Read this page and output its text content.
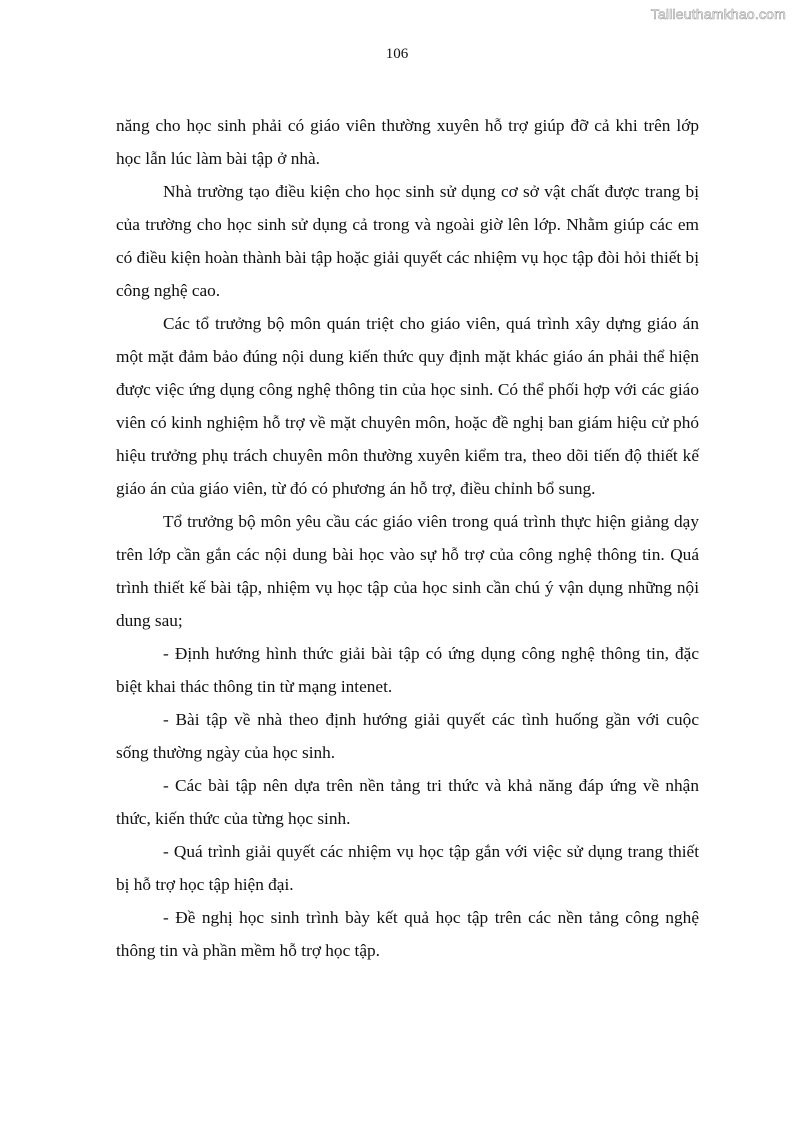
Tailieuthamkhao.com
106

năng cho học sinh phải có giáo viên thường xuyên hỗ trợ giúp đỡ cả khi trên lớp học lẫn lúc làm bài tập ở nhà.

Nhà trường tạo điều kiện cho học sinh sử dụng cơ sở vật chất được trang bị của trường cho học sinh sử dụng cả trong và ngoài giờ lên lớp. Nhằm giúp các em có điều kiện hoàn thành bài tập hoặc giải quyết các nhiệm vụ học tập đòi hỏi thiết bị công nghệ cao.

Các tổ trưởng bộ môn quán triệt cho giáo viên, quá trình xây dựng giáo án một mặt đảm bảo đúng nội dung kiến thức quy định mặt khác giáo án phải thể hiện được việc ứng dụng công nghệ thông tin của học sinh. Có thể phối hợp với các giáo viên có kinh nghiệm hỗ trợ về mặt chuyên môn, hoặc đề nghị ban giám hiệu cử phó hiệu trưởng phụ trách chuyên môn thường xuyên kiểm tra, theo dõi tiến độ thiết kế giáo án của giáo viên, từ đó có phương án hỗ trợ, điều chỉnh bổ sung.

Tổ trưởng bộ môn yêu cầu các giáo viên trong quá trình thực hiện giảng dạy trên lớp cần gắn các nội dung bài học vào sự hỗ trợ của công nghệ thông tin. Quá trình thiết kế bài tập, nhiệm vụ học tập của học sinh cần chú ý vận dụng những nội dung sau;

- Định hướng hình thức giải bài tập có ứng dụng công nghệ thông tin, đặc biệt khai thác thông tin từ mạng intenet.

- Bài tập về nhà theo định hướng giải quyết các tình huống gần với cuộc sống thường ngày của học sinh.

- Các bài tập nên dựa trên nền tảng tri thức và khả năng đáp ứng về nhận thức, kiến thức của từng học sinh.

- Quá trình giải quyết các nhiệm vụ học tập gắn với việc sử dụng trang thiết bị hỗ trợ học tập hiện đại.

- Đề nghị học sinh trình bày kết quả học tập trên các nền tảng công nghệ thông tin và phần mềm hỗ trợ học tập.
